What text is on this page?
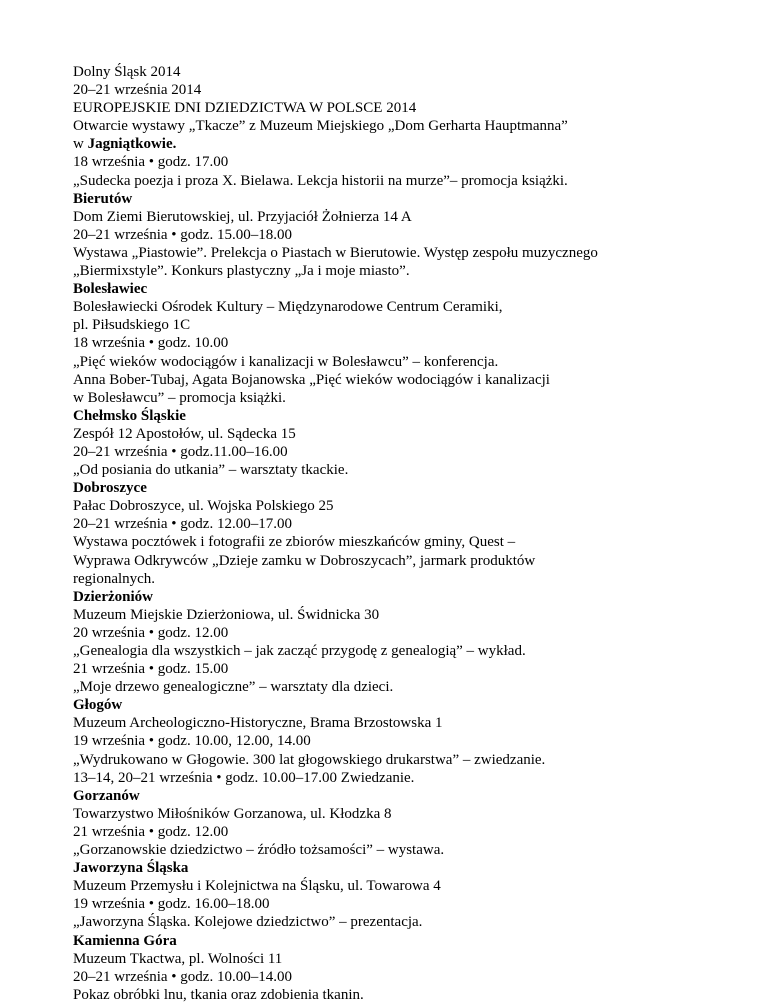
Dolny Śląsk 2014
20–21 września 2014
EUROPEJSKIE DNI DZIEDZICTWA W POLSCE 2014
Otwarcie wystawy „Tkacze” z Muzeum Miejskiego „Dom Gerharta Hauptmanna”
w Jagniątkowie.
18 września • godz. 17.00
„Sudecka poezja i proza X. Bielawa. Lekcja historii na murze”– promocja książki.
Bierutów
Dom Ziemi Bierutowskiej, ul. Przyjaciół Żołnierza 14 A
20–21 września • godz. 15.00–18.00
Wystawa „Piastowie”. Prelekcja o Piastach w Bierutowie. Występ zespołu muzycznego
„Biermixstyle”. Konkurs plastyczny „Ja i moje miasto”.
Bolesławiec
Bolesławiecki Ośrodek Kultury – Międzynarodowe Centrum Ceramiki,
pl. Piłsudskiego 1C
18 września • godz. 10.00
„Pięć wieków wodociągów i kanalizacji w Bolesławcu” – konferencja.
Anna Bober-Tubaj, Agata Bojanowska „Pięć wieków wodociągów i kanalizacji
w Bolesławcu” – promocja książki.
Chełmsko Śląskie
Zespół 12 Apostołów, ul. Sądecka 15
20–21 września • godz.11.00–16.00
„Od posiania do utkania” – warsztaty tkackie.
Dobroszyce
Pałac Dobroszyce, ul. Wojska Polskiego 25
20–21 września • godz. 12.00–17.00
Wystawa pocztówek i fotografii ze zbiorów mieszkańców gminy, Quest –
Wyprawa Odkrywców „Dzieje zamku w Dobroszycach”, jarmark produktów
regionalnych.
Dzierżoniów
Muzeum Miejskie Dzierżoniowa, ul. Świdnicka 30
20 września • godz. 12.00
„Genealogia dla wszystkich – jak zacząć przygodę z genealogią” – wykład.
21 września • godz. 15.00
„Moje drzewo genealogiczne” – warsztaty dla dzieci.
Głogów
Muzeum Archeologiczno-Historyczne, Brama Brzostowska 1
19 września • godz. 10.00, 12.00, 14.00
„Wydrukowano w Głogowie. 300 lat głogowskiego drukarstwa” – zwiedzanie.
13–14, 20–21 września • godz. 10.00–17.00 Zwiedzanie.
Gorzanów
Towarzystwo Miłośników Gorzanowa, ul. Kłodzka 8
21 września • godz. 12.00
„Gorzanowskie dziedzictwo – źródło tożsamości” – wystawa.
Jaworzyna Śląska
Muzeum Przemysłu i Kolejnictwa na Śląsku, ul. Towarowa 4
19 września • godz. 16.00–18.00
„Jaworzyna Śląska. Kolejowe dziedzictwo” – prezentacja.
Kamienna Góra
Muzeum Tkactwa, pl. Wolności 11
20–21 września • godz. 10.00–14.00
Pokaz obróbki lnu, tkania oraz zdobienia tkanin.
